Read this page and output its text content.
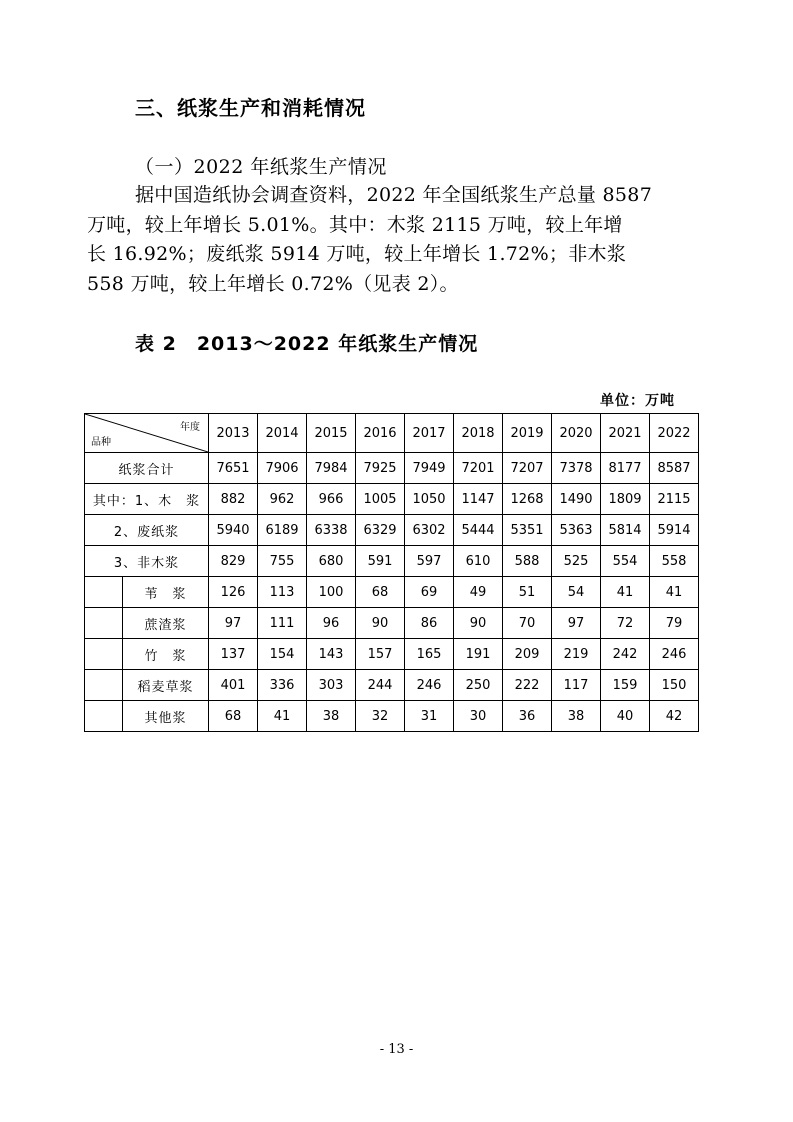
三、纸浆生产和消耗情况
（一）2022 年纸浆生产情况
据中国造纸协会调查资料，2022 年全国纸浆生产总量 8587
万吨，较上年增长 5.01%。其中：木浆 2115 万吨，较上年增
长 16.92%；废纸浆 5914 万吨，较上年增长 1.72%；非木浆
558 万吨，较上年增长 0.72%（见表 2）。
表 2　2013～2022 年纸浆生产情况
单位：万吨
年度
品种		2013	2014	2015	2016	2017	2018	2019	2020	2021	2022
纸浆合计		7651	7906	7984	7925	7949	7201	7207	7378	8177	8587
其中：1、木　浆		882	962	966	1005	1050	1147	1268	1490	1809	2115
2、废纸浆		5940	6189	6338	6329	6302	5444	5351	5363	5814	5914
3、非木浆		829	755	680	591	597	610	588	525	554	558
	苇　浆	126	113	100	68	69	49	51	54	41	41
	蔗渣浆	97	111	96	90	86	90	70	97	72	79
	竹　浆	137	154	143	157	165	191	209	219	242	246
	稻麦草浆	401	336	303	244	246	250	222	117	159	150
	其他浆	68	41	38	32	31	30	36	38	40	42
- 13 -
